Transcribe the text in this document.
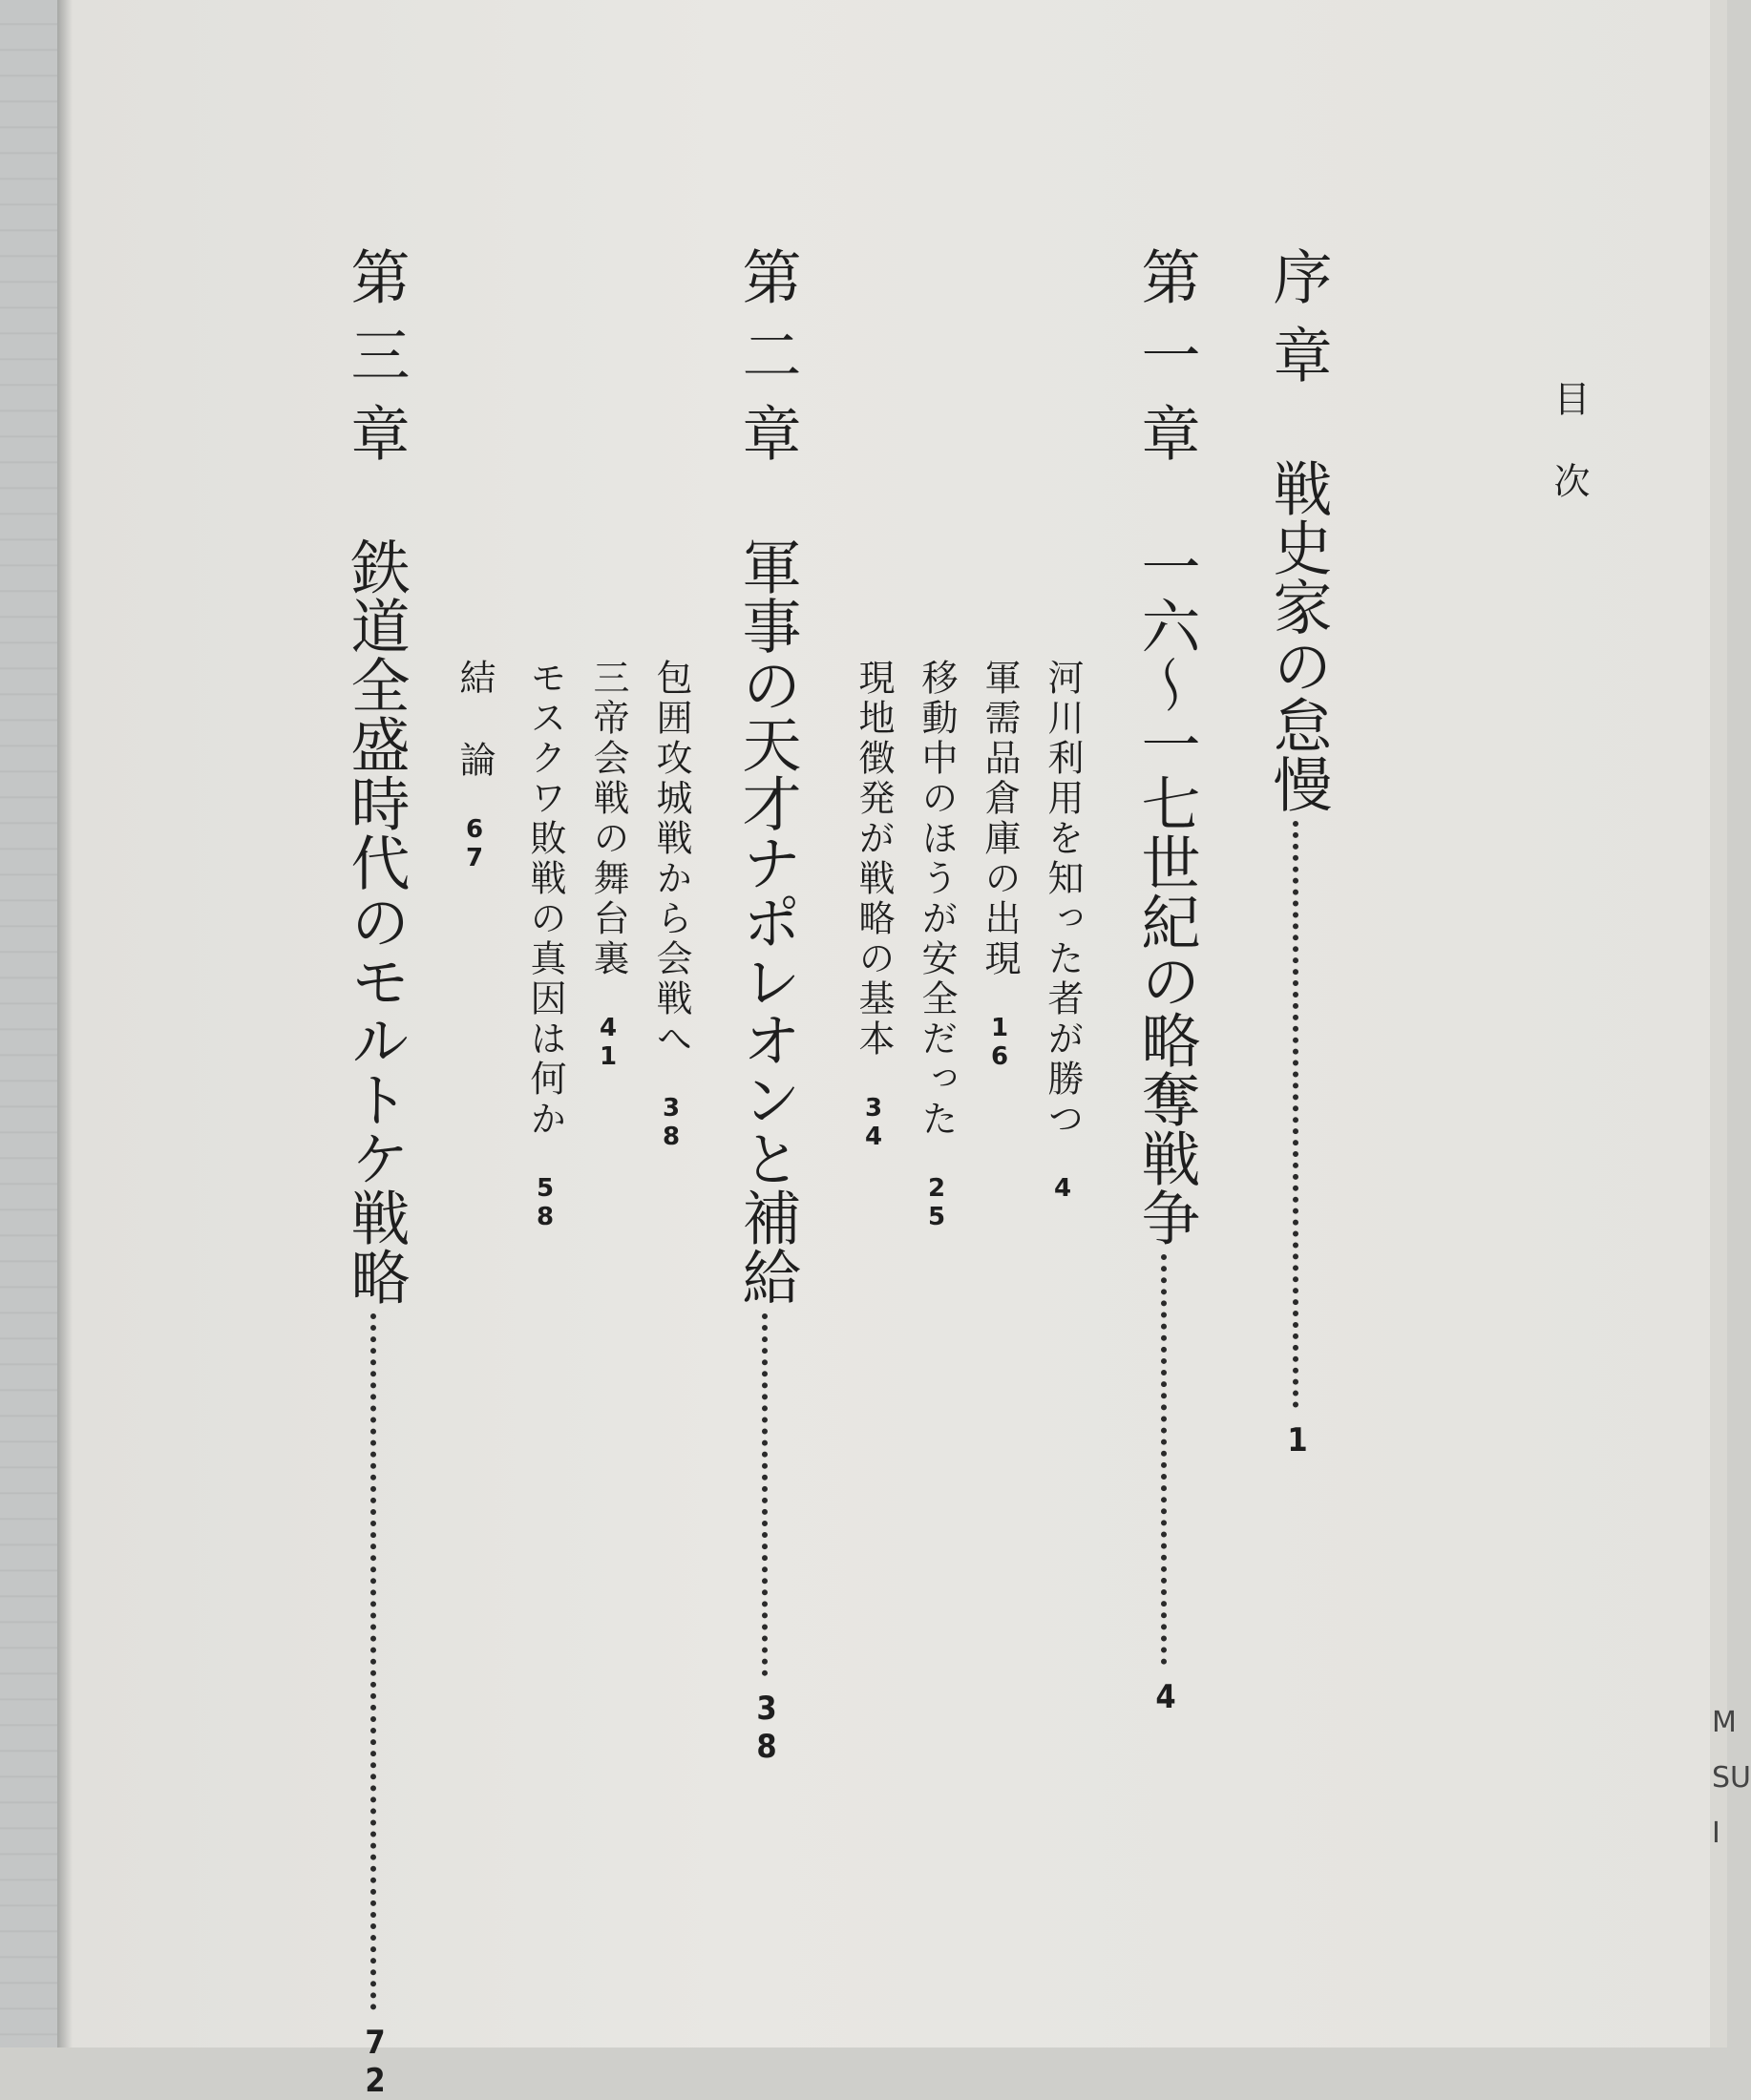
M
SU
I
目次
序章
戦史家の怠慢
1
第一章
一六〜一七世紀の略奪戦争
4
河川利用を知った者が勝つ
4
軍需品倉庫の出現
16
移動中のほうが安全だった
25
現地徴発が戦略の基本
34
第二章
軍事の天才ナポレオンと補給
38
包囲攻城戦から会戦へ
38
三帝会戦の舞台裏
41
モスクワ敗戦の真因は何か
58
結
論
67
第三章
鉄道全盛時代のモルトケ戦略
72
